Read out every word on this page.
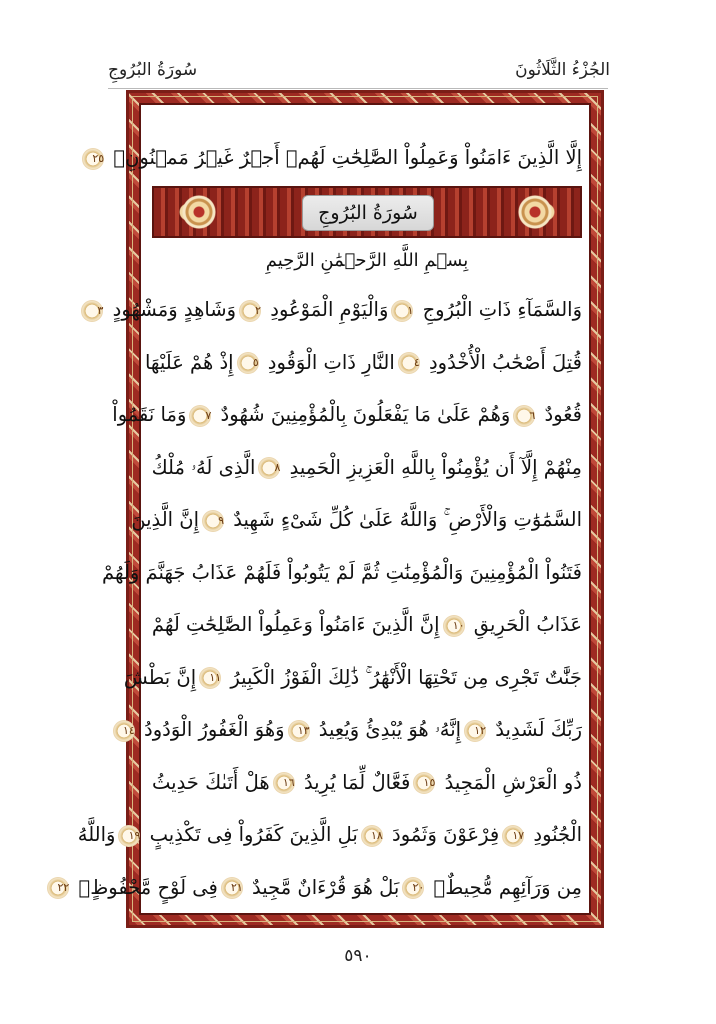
الجُزْءُ الثَّلَاثُونَ
سُورَةُ البُرُوجِ
إِلَّا الَّذِينَ ءَامَنُواْ وَعَمِلُواْ الصَّٰلِحَٰتِ لَهُمۡ أَجۡرٌ غَيۡرُ مَمۡنُونِۭ ٢٥
سُورَةُ البُرُوجِ
بِسۡمِ اللَّهِ الرَّحۡمَٰنِ الرَّحِيمِ
وَالسَّمَآءِ ذَاتِ الْبُرُوجِ ١وَالْيَوْمِ الْمَوْعُودِ ٢وَشَاهِدٍ وَمَشْهُودٍ ٣
قُتِلَ أَصْحَٰبُ الْأُخْدُودِ ٤النَّارِ ذَاتِ الْوَقُودِ ٥إِذْ هُمْ عَلَيْهَا
قُعُودٌ ٦وَهُمْ عَلَىٰ مَا يَفْعَلُونَ بِالْمُؤْمِنِينَ شُهُودٌ ٧وَمَا نَقَمُواْ
مِنْهُمْ إِلَّآ أَن يُؤْمِنُواْ بِاللَّهِ الْعَزِيزِ الْحَمِيدِ ٨الَّذِى لَهُۥ مُلْكُ
السَّمَٰوَٰتِ وَالْأَرْضِ ۚ وَاللَّهُ عَلَىٰ كُلِّ شَىْءٍ شَهِيدٌ ٩إِنَّ الَّذِينَ
فَتَنُواْ الْمُؤْمِنِينَ وَالْمُؤْمِنَٰتِ ثُمَّ لَمْ يَتُوبُواْ فَلَهُمْ عَذَابُ جَهَنَّمَ وَلَهُمْ
عَذَابُ الْحَرِيقِ ١٠إِنَّ الَّذِينَ ءَامَنُواْ وَعَمِلُواْ الصَّٰلِحَٰتِ لَهُمْ
جَنَّٰتٌ تَجْرِى مِن تَحْتِهَا الْأَنْهَٰرُ ۚ ذَٰلِكَ الْفَوْزُ الْكَبِيرُ ١١إِنَّ بَطْشَ
رَبِّكَ لَشَدِيدٌ ١٢إِنَّهُۥ هُوَ يُبْدِئُ وَيُعِيدُ ١٣وَهُوَ الْغَفُورُ الْوَدُودُ ١٤
ذُو الْعَرْشِ الْمَجِيدُ ١٥فَعَّالٌ لِّمَا يُرِيدُ ١٦هَلْ أَتَىٰكَ حَدِيثُ
الْجُنُودِ ١٧فِرْعَوْنَ وَثَمُودَ ١٨بَلِ الَّذِينَ كَفَرُواْ فِى تَكْذِيبٍ ١٩وَاللَّهُ
مِن وَرَآئِهِم مُّحِيطٌۢ ٢٠بَلْ هُوَ قُرْءَانٌ مَّجِيدٌ ٢١فِى لَوْحٍ مَّحْفُوظٍۭ ٢٢
٥٩٠
